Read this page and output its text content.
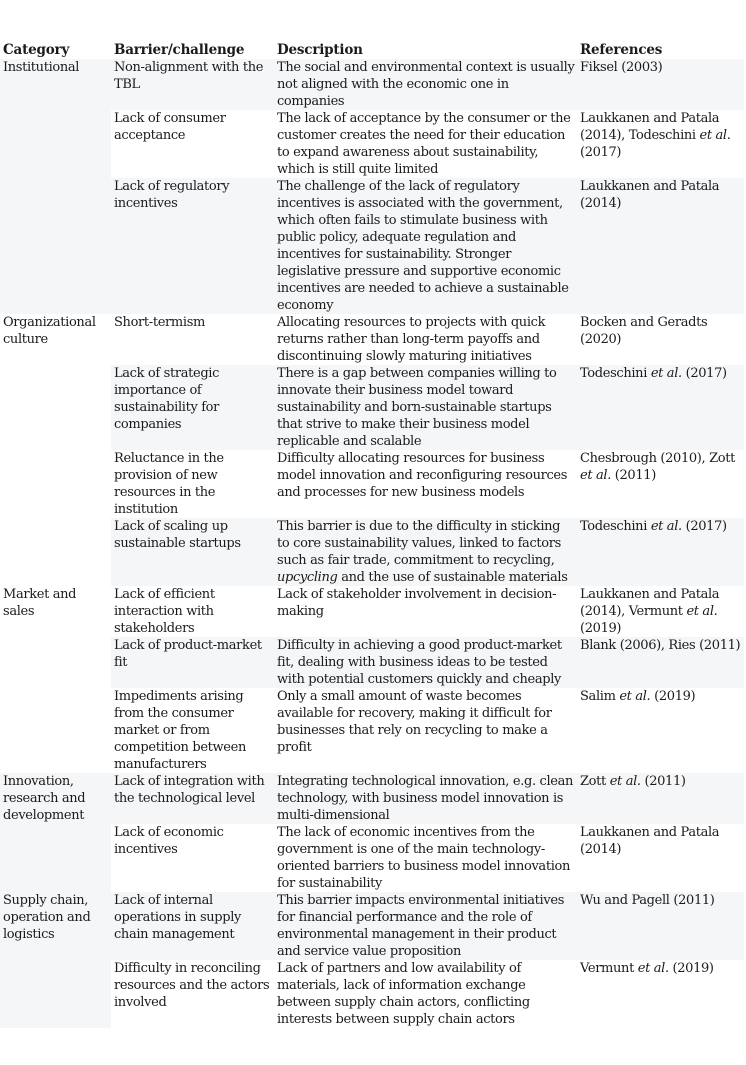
Category	Barrier/challenge	Description	References
Institutional	Non-alignment with the TBL	The social and environmental context is usually not aligned with the economic one in companies	Fiksel (2003)
	Lack of consumer acceptance	The lack of acceptance by the consumer or the customer creates the need for their education to expand awareness about sustainability, which is still quite limited	Laukkanen and Patala (2014), Todeschini et al. (2017)
	Lack of regulatory incentives	The challenge of the lack of regulatory incentives is associated with the government, which often fails to stimulate business with public policy, adequate regulation and incentives for sustainability. Stronger legislative pressure and supportive economic incentives are needed to achieve a sustainable economy	Laukkanen and Patala (2014)
Organizational culture	Short-termism	Allocating resources to projects with quick returns rather than long-term payoffs and discontinuing slowly maturing initiatives	Bocken and Geradts (2020)
	Lack of strategic importance of sustainability for companies	There is a gap between companies willing to innovate their business model toward sustainability and born-sustainable startups that strive to make their business model replicable and scalable	Todeschini et al. (2017)
	Reluctance in the provision of new resources in the institution	Difficulty allocating resources for business model innovation and reconfiguring resources and processes for new business models	Chesbrough (2010), Zott et al. (2011)
	Lack of scaling up sustainable startups	This barrier is due to the difficulty in sticking to core sustainability values, linked to factors such as fair trade, commitment to recycling, upcycling and the use of sustainable materials	Todeschini et al. (2017)
Market and sales	Lack of efficient interaction with stakeholders	Lack of stakeholder involvement in decision-making	Laukkanen and Patala (2014), Vermunt et al. (2019)
	Lack of product-market fit	Difficulty in achieving a good product-market fit, dealing with business ideas to be tested with potential customers quickly and cheaply	Blank (2006), Ries (2011)
	Impediments arising from the consumer market or from competition between manufacturers	Only a small amount of waste becomes available for recovery, making it difficult for businesses that rely on recycling to make a profit	Salim et al. (2019)
Innovation, research and development	Lack of integration with the technological level	Integrating technological innovation, e.g. clean technology, with business model innovation is multi-dimensional	Zott et al. (2011)
	Lack of economic incentives	The lack of economic incentives from the government is one of the main technology-oriented barriers to business model innovation for sustainability	Laukkanen and Patala (2014)
Supply chain, operation and logistics	Lack of internal operations in supply chain management	This barrier impacts environmental initiatives for financial performance and the role of environmental management in their product and service value proposition	Wu and Pagell (2011)
	Difficulty in reconciling resources and the actors involved	Lack of partners and low availability of materials, lack of information exchange between supply chain actors, conflicting interests between supply chain actors	Vermunt et al. (2019)
